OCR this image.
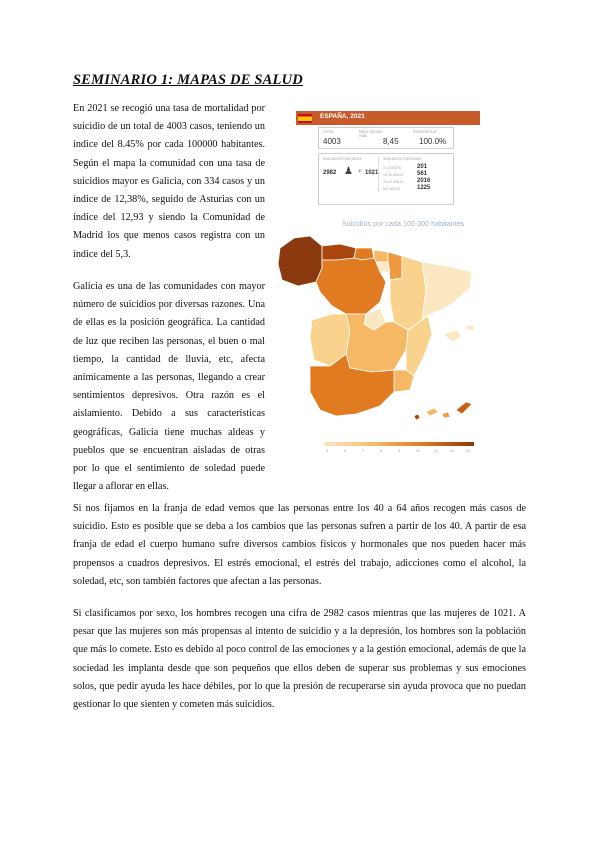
SEMINARIO 1: MAPAS DE SALUD

En 2021 se recogió una tasa de mortalidad por suicidio de un total de 4003 casos, teniendo un índice del 8.45% por cada 100000 habitantes. Según el mapa la comunidad con una tasa de suicidios mayor es Galicia, con 334 casos y un índice de 12,38%, seguido de Asturias con un índice del 12,93 y siendo la Comunidad de Madrid los que menos casos registra con un índice del 5,3.

Galicia es una de las comunidades con mayor número de suicidios por diversas razones. Una de ellas es la posición geográfica. La cantidad de luz que reciben las personas, el buen o mal tiempo, la cantidad de lluvia, etc, afecta anímicamente a las personas, llegando a crear sentimientos depresivos. Otra razón es el aislamiento. Debido a sus características geográficas, Galicia tiene muchas aldeas y pueblos que se encuentran aisladas de otras por lo que el sentimiento de soledad puede llegar a aflorar en ellas.

Si nos fijamos en la franja de edad vemos que las personas entre los 40 a 64 años recogen más casos de suicidio. Esto es posible que se deba a los cambios que las personas sufren a partir de los 40. A partir de esa franja de edad el cuerpo humano sufre diversos cambios físicos y hormonales que nos pueden hacer más propensos a cuadros depresivos. El estrés emocional, el estrés del trabajo, adicciones como el alcohol, la soledad, etc, son también factores que afectan a las personas.

Si clasificamos por sexo, los hombres recogen una cifra de 2982 casos mientras que las mujeres de 1021. A pesar que las mujeres son más propensas al intento de suicidio y a la depresión, los hombres son la población que más lo comete. Esto es debido al poco control de las emociones y a la gestión emocional, además de que la sociedad les implanta desde que son pequeños que ellos deben de superar sus problemas y sus emociones solos, que pedir ayuda les hace débiles, por lo que la presión de recuperarse sin ayuda provoca que no puedan gestionar lo que sienten y cometen más suicidios.

ESPAÑA, 2021
TOTAL
4003
RATE 100.000 HAB.
8,45
PORCENTAJE
100.0%
SUICIDIOS POR SEXO
2982 ♟ ♀ 1021
SUICIDIOS POR EDAD
0-14 AÑOS	201
15-39 AÑOS 561
40-64 AÑOS 2016
65+ AÑOS	1225
Suicidios por cada 100.000 habitantes
5	6	7	8	9	10	11	12	13
